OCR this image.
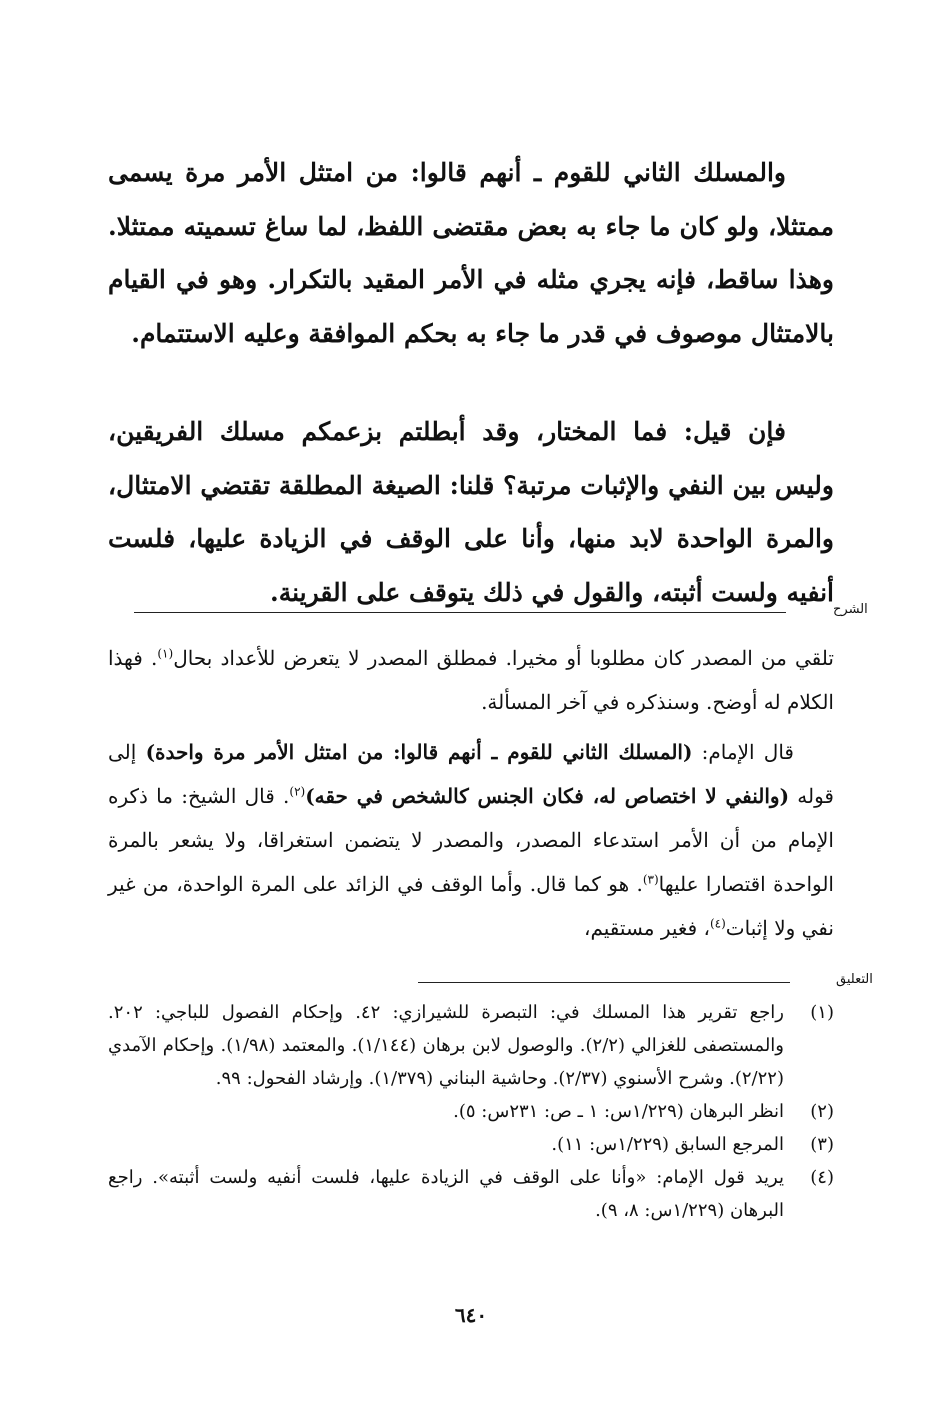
والمسلك الثاني للقوم ـ أنهم قالوا: من امتثل الأمر مرة يسمى ممتثلا، ولو كان ما جاء به بعض مقتضى اللفظ، لما ساغ تسميته ممتثلا. وهذا ساقط، فإنه يجري مثله في الأمر المقيد بالتكرار. وهو في القيام بالامتثال موصوف في قدر ما جاء به بحكم الموافقة وعليه الاستتمام.

فإن قيل: فما المختار، وقد أبطلتم بزعمكم مسلك الفريقين، وليس بين النفي والإثبات مرتبة؟ قلنا: الصيغة المطلقة تقتضي الامتثال، والمرة الواحدة لابد منها، وأنا على الوقف في الزيادة عليها، فلست أنفيه ولست أثبته، والقول في ذلك يتوقف على القرينة.

الشرح

تلقي من المصدر كان مطلوبا أو مخيرا. فمطلق المصدر لا يتعرض للأعداد بحال$^{(١)}$. فهذا الكلام له أوضح. وسنذكره في آخر المسألة.

قال الإمام: (المسلك الثاني للقوم ـ أنهم قالوا: من امتثل الأمر مرة واحدة) إلى قوله (والنفي لا اختصاص له، فكان الجنس كالشخص في حقه)$^{(٢)}$. قال الشيخ: ما ذكره الإمام من أن الأمر استدعاء المصدر، والمصدر لا يتضمن استغراقا، ولا يشعر بالمرة الواحدة اقتصارا عليها$^{(٣)}$. هو كما قال. وأما الوقف في الزائد على المرة الواحدة، من غير نفي ولا إثبات$^{(٤)}$، فغير مستقيم،

التعليق
(١)
راجع تقرير هذا المسلك في: التبصرة للشيرازي: ٤٢. وإحكام الفصول للباجي: ٢٠٢. والمستصفى للغزالي (٢/٢). والوصول لابن برهان (١/١٤٤). والمعتمد (١/٩٨). وإحكام الآمدي (٢/٢٢). وشرح الأسنوي (٢/٣٧). وحاشية البناني (١/٣٧٩). وإرشاد الفحول: ٩٩.
(٢)
انظر البرهان (١/٢٢٩س: ١ ـ ص: ٢٣١س: ٥).
(٣)
المرجع السابق (١/٢٢٩س: ١١).
(٤)
يريد قول الإمام: «وأنا على الوقف في الزيادة عليها، فلست أنفيه ولست أثبته». راجع البرهان (١/٢٢٩س: ٨، ٩).
٦٤٠
